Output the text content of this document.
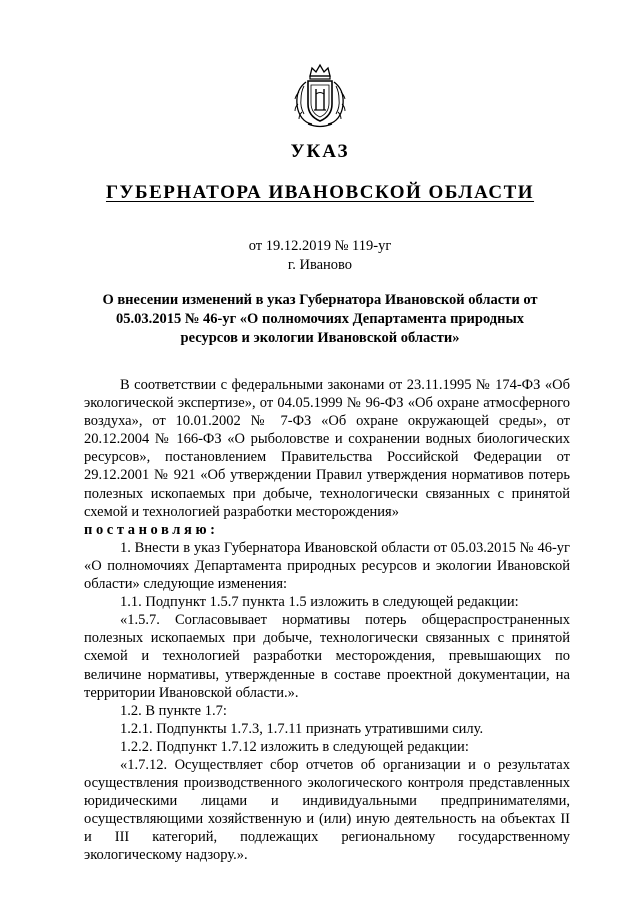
УКАЗ
ГУБЕРНАТОРА ИВАНОВСКОЙ ОБЛАСТИ
от 19.12.2019 № 119-уг
г. Иваново
О внесении изменений в указ Губернатора Ивановской области от 05.03.2015 № 46-уг «О полномочиях Департамента природных ресурсов и экологии Ивановской области»

В соответствии с федеральными законами от 23.11.1995 № 174-ФЗ «Об экологической экспертизе», от 04.05.1999 № 96-ФЗ «Об охране атмосферного воздуха», от 10.01.2002 № 7-ФЗ «Об охране окружающей среды», от 20.12.2004 № 166-ФЗ «О рыболовстве и сохранении водных биологических ресурсов», постановлением Правительства Российской Федерации от 29.12.2001 № 921 «Об утверждении Правил утверждения нормативов потерь полезных ископаемых при добыче, технологически связанных с принятой схемой и технологией разработки месторождения»

постановляю:

1. Внести в указ Губернатора Ивановской области от 05.03.2015 № 46-уг «О полномочиях Департамента природных ресурсов и экологии Ивановской области» следующие изменения:

1.1. Подпункт 1.5.7 пункта 1.5 изложить в следующей редакции:

«1.5.7. Согласовывает нормативы потерь общераспространенных полезных ископаемых при добыче, технологически связанных с принятой схемой и технологией разработки месторождения, превышающих по величине нормативы, утвержденные в составе проектной документации, на территории Ивановской области.».

1.2. В пункте 1.7:

1.2.1. Подпункты 1.7.3, 1.7.11 признать утратившими силу.

1.2.2. Подпункт 1.7.12 изложить в следующей редакции:

«1.7.12. Осуществляет сбор отчетов об организации и о результатах осуществления производственного экологического контроля представленных юридическими лицами и индивидуальными предпринимателями, осуществляющими хозяйственную и (или) иную деятельность на объектах II и III категорий, подлежащих региональному государственному экологическому надзору.».
